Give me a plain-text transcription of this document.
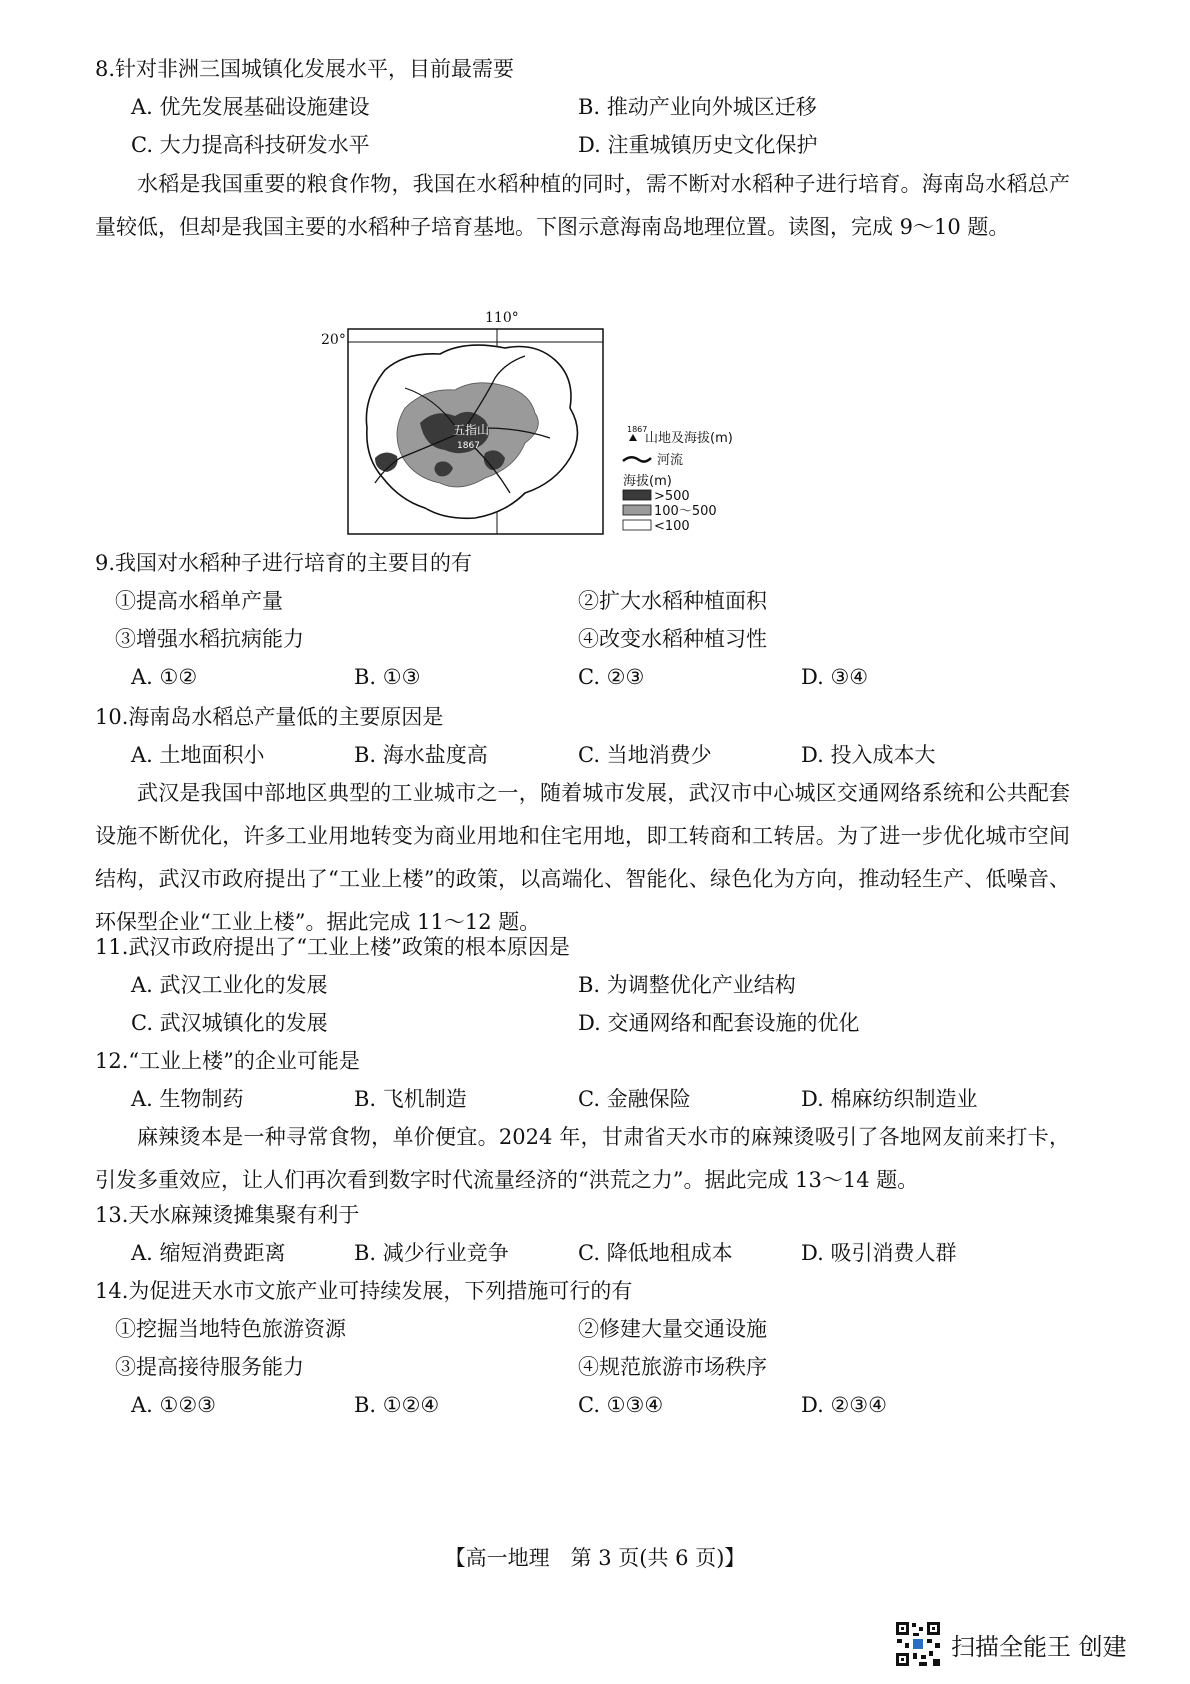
8.针对非洲三国城镇化发展水平，目前最需要
A. 优先发展基础设施建设	B. 推动产业向外城区迁移
C. 大力提高科技研发水平	D. 注重城镇历史文化保护
水稻是我国重要的粮食作物，我国在水稻种植的同时，需不断对水稻种子进行培育。海南岛水稻总产量较低，但却是我国主要的水稻种子培育基地。下图示意海南岛地理位置。读图，完成 9～10 题。
110°
20°
五指山
1867
1867
山地及海拔(m)
河流
海拔(m)
>500
100～500
<100
9.我国对水稻种子进行培育的主要目的有
①提高水稻单产量	②扩大水稻种植面积
③增强水稻抗病能力	④改变水稻种植习性
A. ①②	B. ①③	C. ②③	D. ③④
10.海南岛水稻总产量低的主要原因是
A. 土地面积小	B. 海水盐度高	C. 当地消费少	D. 投入成本大
武汉是我国中部地区典型的工业城市之一，随着城市发展，武汉市中心城区交通网络系统和公共配套设施不断优化，许多工业用地转变为商业用地和住宅用地，即工转商和工转居。为了进一步优化城市空间结构，武汉市政府提出了“工业上楼”的政策，以高端化、智能化、绿色化为方向，推动轻生产、低噪音、环保型企业“工业上楼”。据此完成 11～12 题。
11.武汉市政府提出了“工业上楼”政策的根本原因是
A. 武汉工业化的发展	B. 为调整优化产业结构
C. 武汉城镇化的发展	D. 交通网络和配套设施的优化
12.“工业上楼”的企业可能是
A. 生物制药	B. 飞机制造	C. 金融保险	D. 棉麻纺织制造业
麻辣烫本是一种寻常食物，单价便宜。2024 年，甘肃省天水市的麻辣烫吸引了各地网友前来打卡，引发多重效应，让人们再次看到数字时代流量经济的“洪荒之力”。据此完成 13～14 题。
13.天水麻辣烫摊集聚有利于
A. 缩短消费距离	B. 减少行业竞争	C. 降低地租成本	D. 吸引消费人群
14.为促进天水市文旅产业可持续发展，下列措施可行的有
①挖掘当地特色旅游资源	②修建大量交通设施
③提高接待服务能力	④规范旅游市场秩序
A. ①②③	B. ①②④	C. ①③④	D. ②③④
【高一地理　第 3 页(共 6 页)】
扫描全能王 创建
